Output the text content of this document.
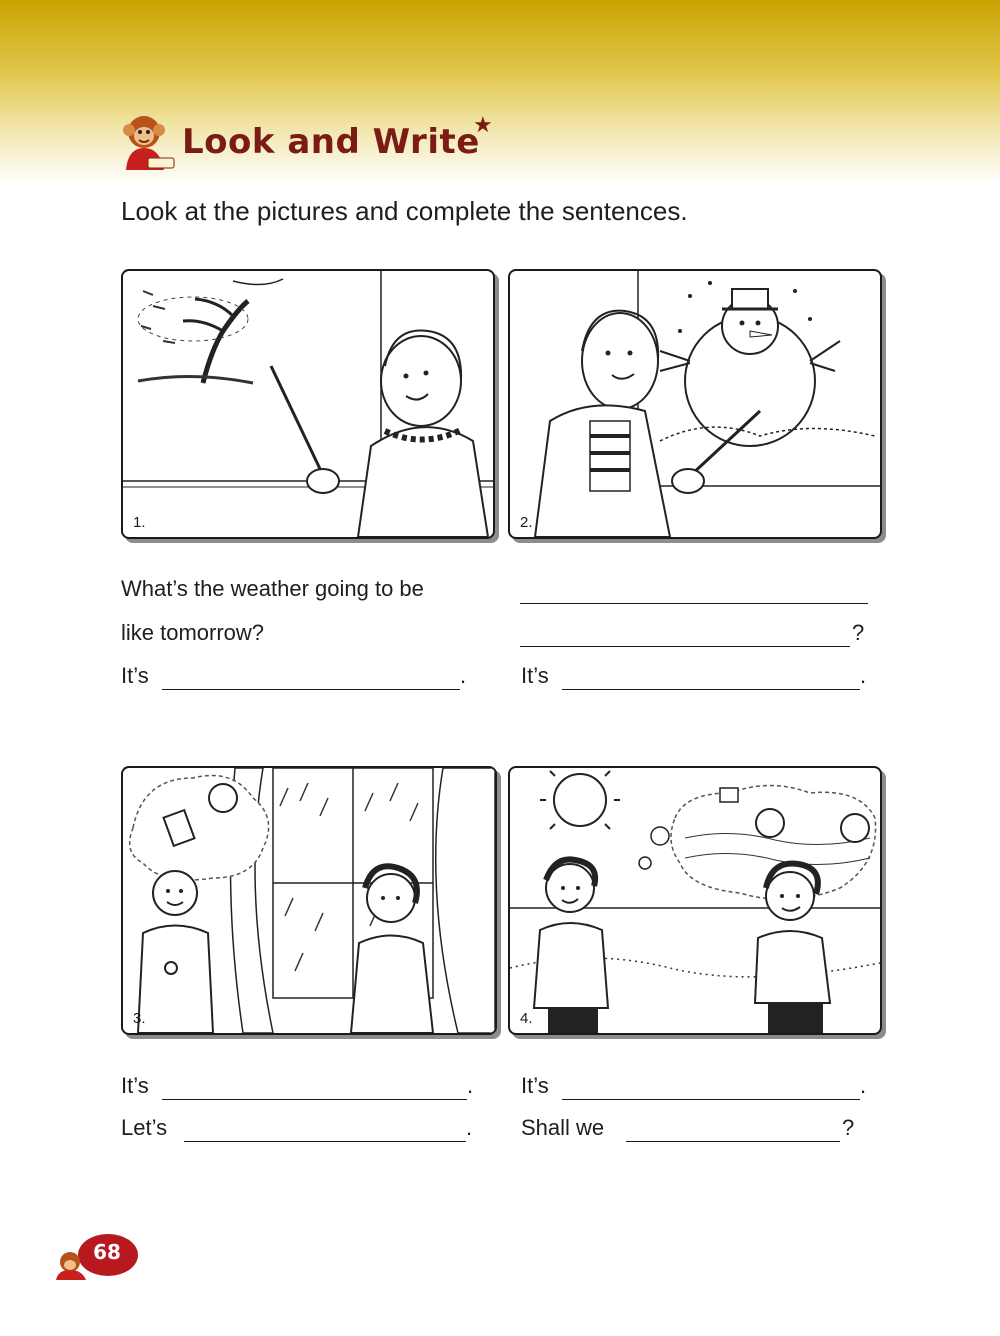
Look and Write
★
Look at the pictures and complete the sentences.
1.	2.
What’s the weather going to be
like tomorrow?
It’s	.
?
It’s	.
3.	4.
It’s	.
Let’s	.
It’s	.
Shall we	?
68
